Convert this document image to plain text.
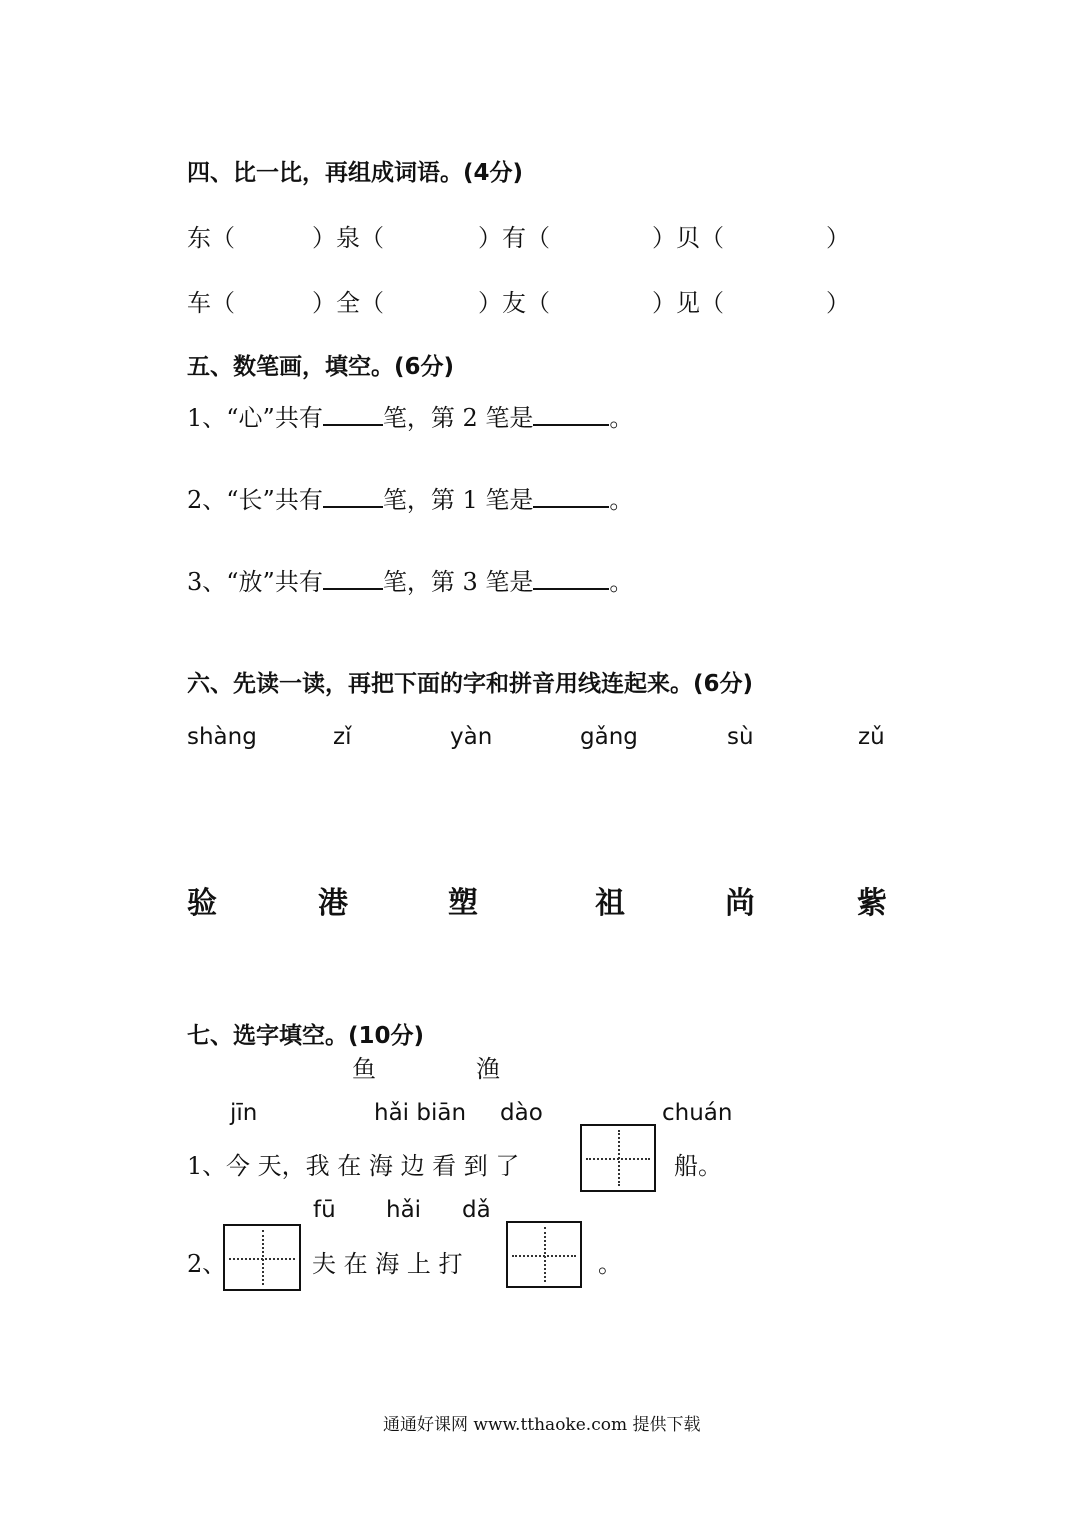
四、比一比，再组成词语。(4分)
东（	）泉（	）有（	）贝（	）
车（	）全（	）友（	）见（	）
五、数笔画，填空。(6分)
1、“心”共有	笔，第 2 笔是	。
2、“长”共有	笔，第 1 笔是	。
3、“放”共有	笔，第 3 笔是	。
六、先读一读，再把下面的字和拼音用线连起来。(6分)
shàng	zǐ	yàn	gǎng	sù	zǔ
验	港	塑	祖	尚	紫
七、选字填空。(10分)
鱼	渔
jīn	hǎi biān dào	chuán
1、 今 天，我 在 海 边 看 到 了	船。
fū hǎi dǎ
2、	夫 在 海 上 打	。
通通好课网 www.tthaoke.com 提供下载
